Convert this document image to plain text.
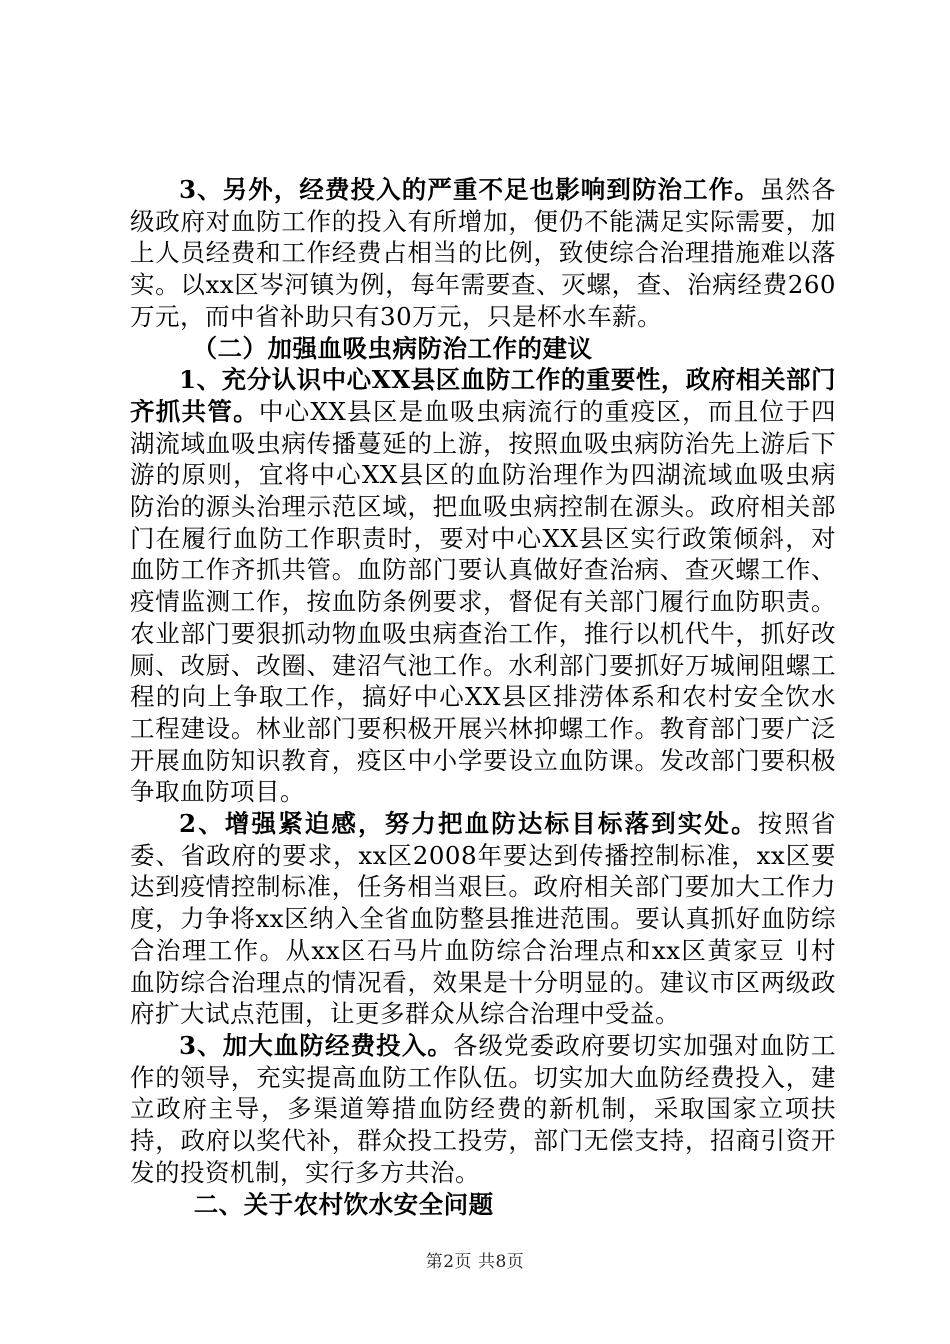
3、另外，经费投入的严重不足也影响到防治工作。虽然各级政府对血防工作的投入有所增加，便仍不能满足实际需要，加上人员经费和工作经费占相当的比例，致使综合治理措施难以落实。以xx区岑河镇为例，每年需要查、灭螺，查、治病经费260万元，而中省补助只有30万元，只是杯水车薪。

（二）加强血吸虫病防治工作的建议

1、充分认识中心XX县区血防工作的重要性，政府相关部门齐抓共管。中心XX县区是血吸虫病流行的重疫区，而且位于四湖流域血吸虫病传播蔓延的上游，按照血吸虫病防治先上游后下游的原则，宜将中心XX县区的血防治理作为四湖流域血吸虫病防治的源头治理示范区域，把血吸虫病控制在源头。政府相关部门在履行血防工作职责时，要对中心XX县区实行政策倾斜，对血防工作齐抓共管。血防部门要认真做好查治病、查灭螺工作、疫情监测工作，按血防条例要求，督促有关部门履行血防职责。农业部门要狠抓动物血吸虫病查治工作，推行以机代牛，抓好改厕、改厨、改圈、建沼气池工作。水利部门要抓好万城闸阻螺工程的向上争取工作，搞好中心XX县区排涝体系和农村安全饮水工程建设。林业部门要积极开展兴林抑螺工作。教育部门要广泛开展血防知识教育，疫区中小学要设立血防课。发改部门要积极争取血防项目。

2、增强紧迫感，努力把血防达标目标落到实处。按照省委、省政府的要求，xx区2008年要达到传播控制标准，xx区要达到疫情控制标准，任务相当艰巨。政府相关部门要加大工作力度，力争将xx区纳入全省血防整县推进范围。要认真抓好血防综合治理工作。从xx区石马片血防综合治理点和xx区黄家豆刂村血防综合治理点的情况看，效果是十分明显的。建议市区两级政府扩大试点范围，让更多群众从综合治理中受益。

3、加大血防经费投入。各级党委政府要切实加强对血防工作的领导，充实提高血防工作队伍。切实加大血防经费投入，建立政府主导，多渠道筹措血防经费的新机制，采取国家立项扶持，政府以奖代补，群众投工投劳，部门无偿支持，招商引资开发的投资机制，实行多方共治。

二、关于农村饮水安全问题

第2页 共8页
